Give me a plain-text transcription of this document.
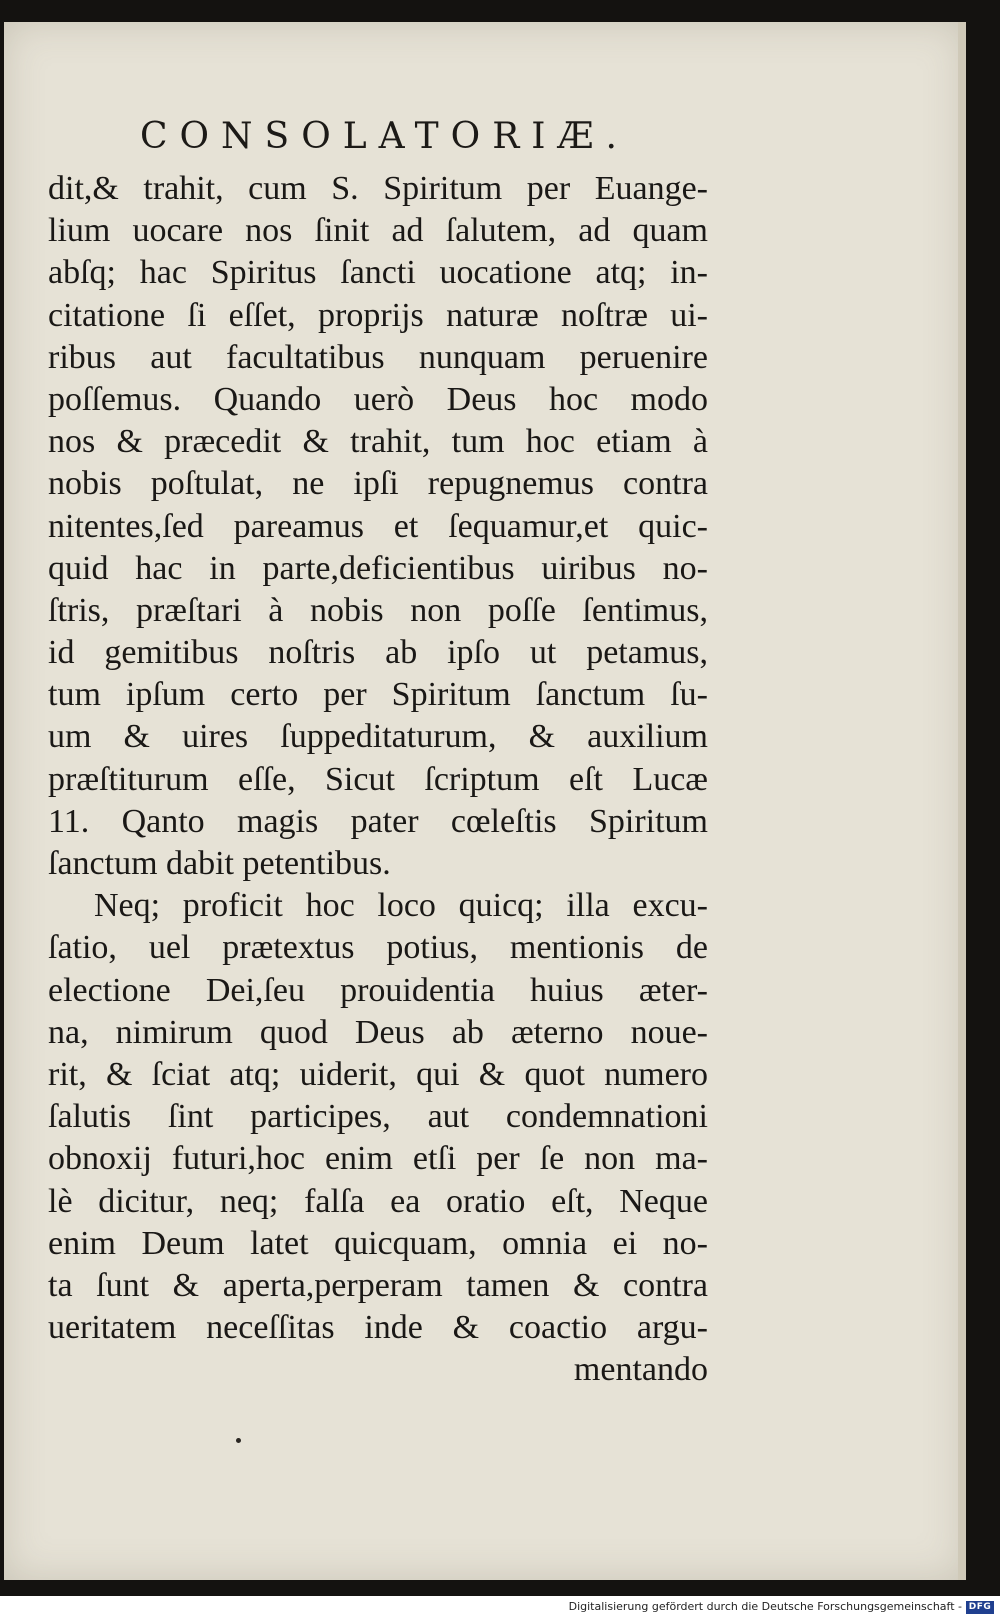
CONSOLATORIÆ.
dit,& trahit, cum S. Spiritum per Euange-
lium uocare nos ſinit ad ſalutem, ad quam
abſq; hac Spiritus ſancti uocatione atq; in-
citatione ſi eſſet, proprijs naturæ noſtræ ui-
ribus aut facultatibus nunquam peruenire
poſſemus. Quando uerò Deus hoc modo
nos & præcedit & trahit, tum hoc etiam à
nobis poſtulat, ne ipſi repugnemus contra
nitentes,ſed pareamus et ſequamur,et quic-
quid hac in parte,deficientibus uiribus no-
ſtris, præſtari à nobis non poſſe ſentimus,
id gemitibus noſtris ab ipſo ut petamus,
tum ipſum certo per Spiritum ſanctum ſu-
um & uires ſuppeditaturum, & auxilium
præſtiturum eſſe, Sicut ſcriptum eſt Lucæ
11. Qanto magis pater cœleſtis Spiritum
ſanctum dabit petentibus.
Neq; proficit hoc loco quicq; illa excu-
ſatio, uel prætextus potius, mentionis de
electione Dei,ſeu prouidentia huius æter-
na, nimirum quod Deus ab æterno noue-
rit, & ſciat atq; uiderit, qui & quot numero
ſalutis ſint participes, aut condemnationi
obnoxij futuri,hoc enim etſi per ſe non ma-
lè dicitur, neq; falſa ea oratio eſt, Neque
enim Deum latet quicquam, omnia ei no-
ta ſunt & aperta,perperam tamen & contra
ueritatem neceſſitas inde & coactio argu-
mentando
Digitalisierung gefördert durch die Deutsche Forschungsgemeinschaft - DFG
